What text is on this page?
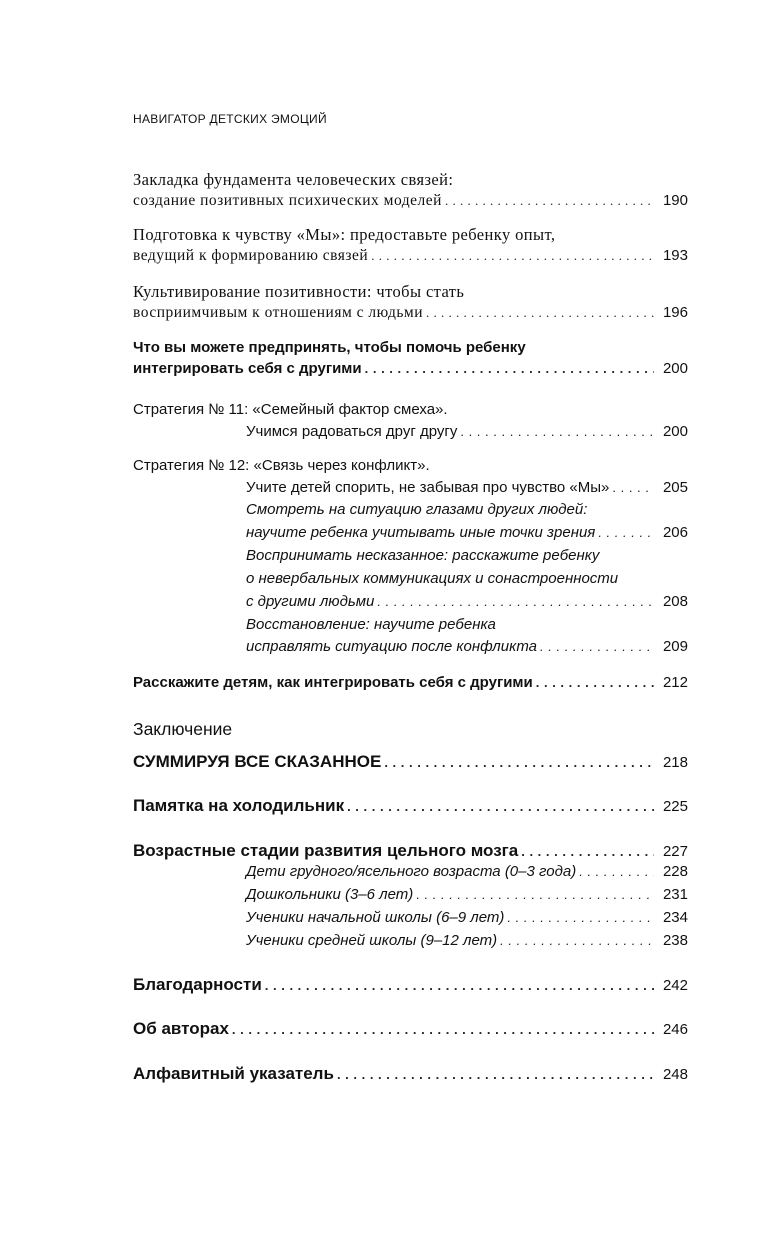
НАВИГАТОР ДЕТСКИХ ЭМОЦИЙ
Закладка фундамента человеческих связей:
создание позитивных психических моделей . . .	190
Подготовка к чувству «Мы»: предоставьте ребенку опыт,
ведущий к формированию связей . . .	193
Культивирование позитивности: чтобы стать
восприимчивым к отношениям с людьми . . .	196
Что вы можете предпринять, чтобы помочь ребенку
интегрировать себя с другими . . .	200
Стратегия № 11: «Семейный фактор смеха».
Учимся радоваться друг другу . . .	200
Стратегия № 12: «Связь через конфликт».
Учите детей спорить, не забывая про чувство «Мы» . . .	205
Смотреть на ситуацию глазами других людей:
научите ребенка учитывать иные точки зрения . . .	206
Воспринимать несказанное: расскажите ребенку
о невербальных коммуникациях и сонастроенности
с другими людьми . . .	208
Восстановление: научите ребенка
исправлять ситуацию после конфликта . . .	209
Расскажите детям, как интегрировать себя с другими . . .	212
Заключение
СУММИРУЯ ВСЕ СКАЗАННОЕ . . .	218
Памятка на холодильник . . .	225
Возрастные стадии развития цельного мозга . . .	227
Дети грудного/ясельного возраста (0–3 года) . . .	228
Дошкольники (3–6 лет) . . .	231
Ученики начальной школы (6–9 лет) . . .	234
Ученики средней школы (9–12 лет) . . .	238
Благодарности . . .	242
Об авторах . . .	246
Алфавитный указатель . . .	248
